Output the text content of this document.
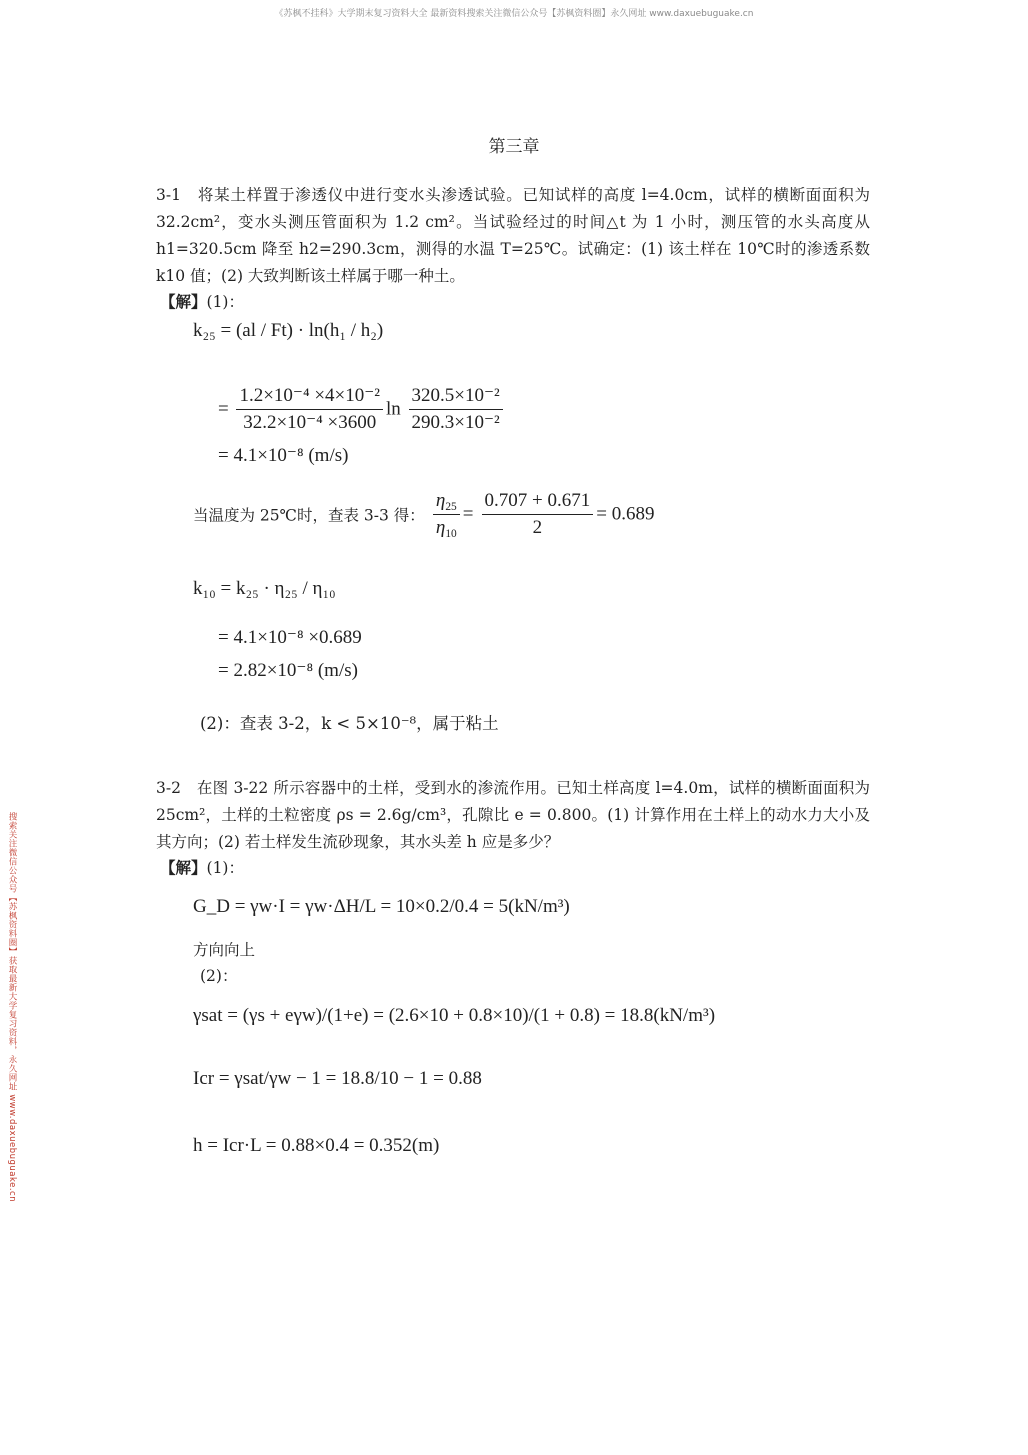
《苏枫不挂科》大学期末复习资料大全 最新资料搜索关注微信公众号【苏枫资料圈】永久网址 www.daxuebuguake.cn
搜索关注微信公众号【苏枫资料圈】获取最新大学复习资料，永久网址 www.daxuebuguake.cn
第三章
3-1　将某土样置于渗透仪中进行变水头渗透试验。已知试样的高度 l=4.0cm，试样的横断面面积为 32.2cm²，变水头测压管面积为 1.2 cm²。当试验经过的时间△t 为 1 小时，测压管的水头高度从 h1=320.5cm 降至 h2=290.3cm，测得的水温 T=25℃。试确定：(1) 该土样在 10℃时的渗透系数 k10 值；(2) 大致判断该土样属于哪一种土。
【解】(1)：
k₂₅ = (al / Ft) · ln(h₁ / h₂)
= $\frac{\text{1.2×10⁻⁴ ×4×10⁻²}}{\text{32.2×10⁻⁴ ×3600}}$ $\ln \frac{\text{320.5×10⁻²}}{\text{290.3×10⁻²}}$
= 4.1×10⁻⁸ (m/s)
当温度为 25℃时，查表 3-3 得： $\frac{\eta_{25}}{\eta_{10}} = \frac{0.707 + 0.671}{2} = 0.689$
k₁₀ = k₂₅ · η₂₅ / η₁₀
= 4.1×10⁻⁸ ×0.689
= 2.82×10⁻⁸ (m/s)
(2)：查表 3-2，k < 5×10⁻⁸，属于粘土
3-2　在图 3-22 所示容器中的土样，受到水的渗流作用。已知土样高度 l=4.0m，试样的横断面面积为 25cm²，土样的土粒密度 ρs = 2.6g/cm³，孔隙比 e = 0.800。(1) 计算作用在土样上的动水力大小及其方向；(2) 若土样发生流砂现象，其水头差 h 应是多少？
【解】(1)：
G_D = γw·I = γw·ΔH/L = 10×0.2/0.4 = 5(kN/m³)
方向向上
(2)：
γsat = (γs + eγw)/(1+e) = (2.6×10 + 0.8×10)/(1 + 0.8) = 18.8(kN/m³)
Icr = γsat/γw − 1 = 18.8/10 − 1 = 0.88
h = Icr·L = 0.88×0.4 = 0.352(m)
